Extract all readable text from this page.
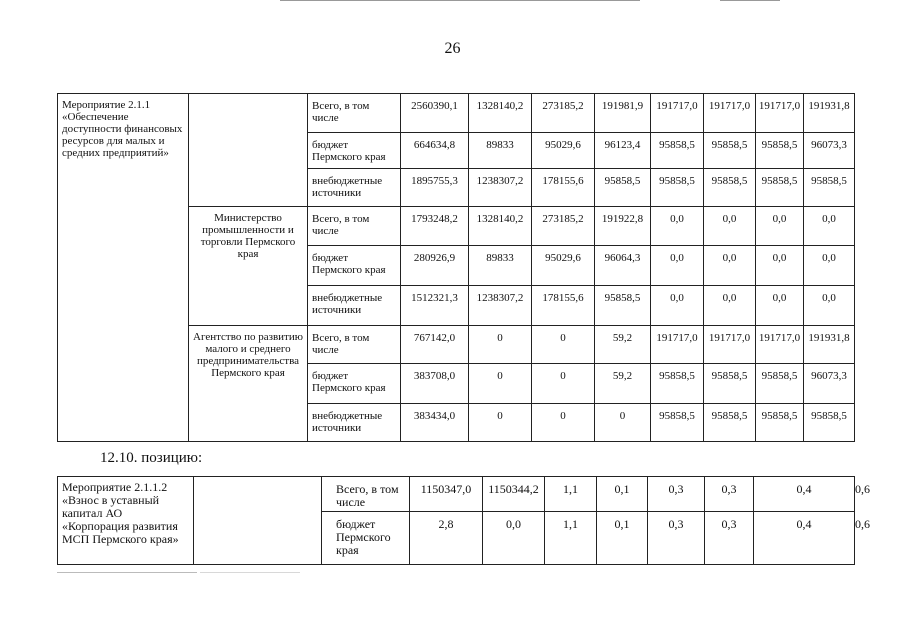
26
Мероприятие 2.1.1 «Обеспечение доступности финансовых ресурсов для малых и средних предприятий»		Всего, в том числе	2560390,1	1328140,2	273185,2	191981,9	191717,0	191717,0	191717,0	191931,8
		бюджет Пермского края	664634,8	89833	95029,6	96123,4	95858,5	95858,5	95858,5	96073,3
		внебюджетные источники	1895755,3	1238307,2	178155,6	95858,5	95858,5	95858,5	95858,5	95858,5
	Министерство промышленности и торговли Пермского края	Всего, в том числе	1793248,2	1328140,2	273185,2	191922,8	0,0	0,0	0,0	0,0
		бюджет Пермского края	280926,9	89833	95029,6	96064,3	0,0	0,0	0,0	0,0
		внебюджетные источники	1512321,3	1238307,2	178155,6	95858,5	0,0	0,0	0,0	0,0
	Агентство по развитию малого и среднего предпринимательства Пермского края	Всего, в том числе	767142,0	0	0	59,2	191717,0	191717,0	191717,0	191931,8
		бюджет Пермского края	383708,0	0	0	59,2	95858,5	95858,5	95858,5	96073,3
		внебюджетные источники	383434,0	0	0	0	95858,5	95858,5	95858,5	95858,5
12.10. позицию:
Мероприятие 2.1.1.2 «Взнос в уставный капитал АО «Корпорация развития МСП Пермского края»		Всего, в том числе	1150347,0	1150344,2	1,1	0,1	0,3	0,3	0,4	0,6
		бюджет Пермского края	2,8	0,0	1,1	0,1	0,3	0,3	0,4	0,6
